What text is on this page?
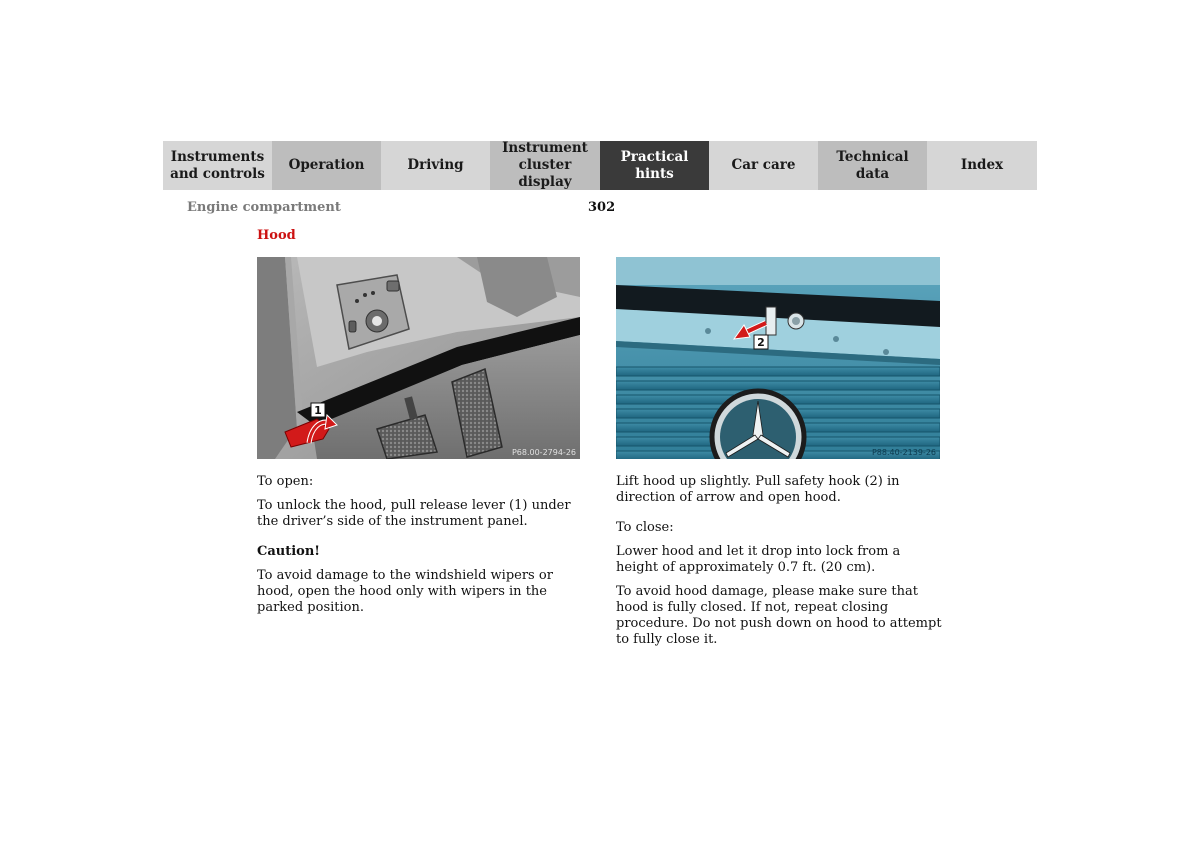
Instruments
and controls
Operation	Driving
Instrument
cluster display
Practical hints
Car care
Technical
data
Index
Engine compartment	302
Hood
1
P68.00-2794-26
2
P88.40-2139-26

To open:

To unlock the hood, pull release lever (1) under the driver’s side of the instrument panel.

Caution!

To avoid damage to the windshield wipers or hood, open the hood only with wipers in the parked position.

Lift hood up slightly. Pull safety hook (2) in direction of arrow and open hood.

To close:

Lower hood and let it drop into lock from a height of approximately 0.7 ft. (20 cm).

To avoid hood damage, please make sure that hood is fully closed. If not, repeat closing procedure. Do not push down on hood to attempt to fully close it.
